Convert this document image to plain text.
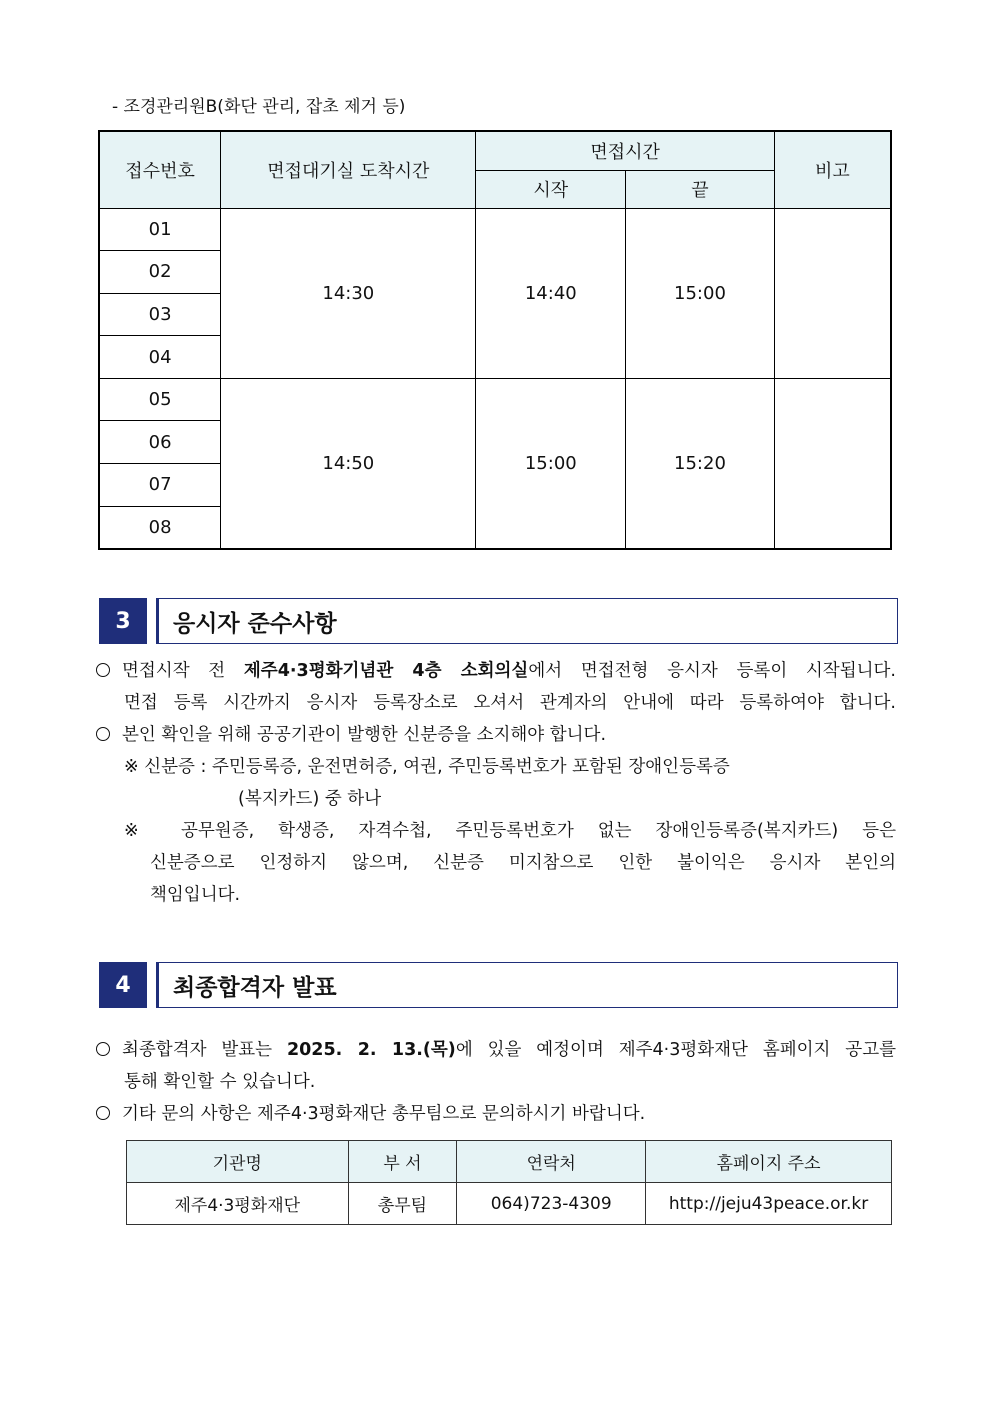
- 조경관리원B(화단 관리, 잡초 제거 등)
접수번호	면접대기실 도착시간	면접시간		비고
		시작	끝	
01	14:30	14:40	15:00	
02				
03				
04				
05	14:50	15:00	15:20	
06				
07				
08				
3	응시자 준수사항
면접시작 전 제주4·3평화기념관 4층 소회의실에서 면접전형 응시자 등록이 시작됩니다.
면접 등록 시간까지 응시자 등록장소로 오셔서 관계자의 안내에 따라 등록하여야 합니다.
본인 확인을 위해 공공기관이 발행한 신분증을 소지해야 합니다.
※ 신분증 : 주민등록증, 운전면허증, 여권, 주민등록번호가 포함된 장애인등록증
(복지카드) 중 하나
※ 공무원증, 학생증, 자격수첩, 주민등록번호가 없는 장애인등록증(복지카드) 등은
신분증으로 인정하지 않으며, 신분증 미지참으로 인한 불이익은 응시자 본인의
책임입니다.
4	최종합격자 발표
최종합격자 발표는 2025. 2. 13.(목)에 있을 예정이며 제주4·3평화재단 홈페이지 공고를
통해 확인할 수 있습니다.
기타 문의 사항은 제주4·3평화재단 총무팀으로 문의하시기 바랍니다.
기관명	부 서	연락처	홈페이지 주소
제주4·3평화재단	총무팀	064)723-4309	http://jeju43peace.or.kr
